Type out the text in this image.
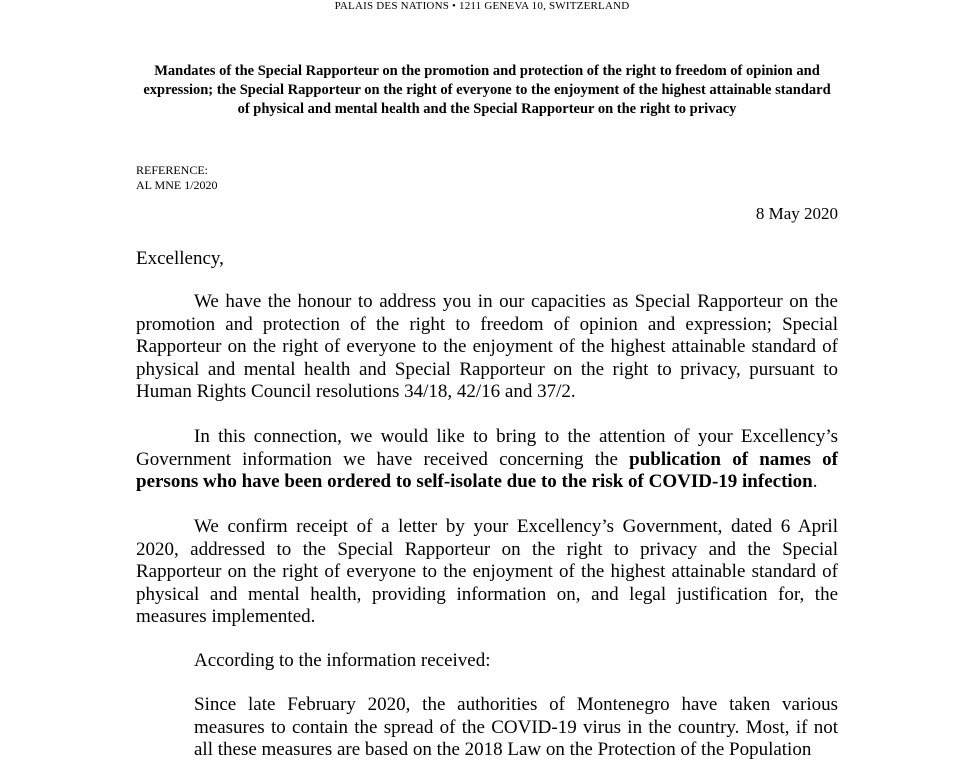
PALAIS DES NATIONS • 1211 GENEVA 10, SWITZERLAND
Mandates of the Special Rapporteur on the promotion and protection of the right to freedom of opinion and expression; the Special Rapporteur on the right of everyone to the enjoyment of the highest attainable standard of physical and mental health and the Special Rapporteur on the right to privacy
REFERENCE:
AL MNE 1/2020
8 May 2020
Excellency,
We have the honour to address you in our capacities as Special Rapporteur on the promotion and protection of the right to freedom of opinion and expression; Special Rapporteur on the right of everyone to the enjoyment of the highest attainable standard of physical and mental health and Special Rapporteur on the right to privacy, pursuant to Human Rights Council resolutions 34/18, 42/16 and 37/2.
In this connection, we would like to bring to the attention of your Excellency’s Government information we have received concerning the publication of names of persons who have been ordered to self-isolate due to the risk of COVID-19 infection.
We confirm receipt of a letter by your Excellency’s Government, dated 6 April 2020, addressed to the Special Rapporteur on the right to privacy and the Special Rapporteur on the right of everyone to the enjoyment of the highest attainable standard of physical and mental health, providing information on, and legal justification for, the measures implemented.
According to the information received:
Since late February 2020, the authorities of Montenegro have taken various measures to contain the spread of the COVID-19 virus in the country. Most, if not all these measures are based on the 2018 Law on the Protection of the Population
